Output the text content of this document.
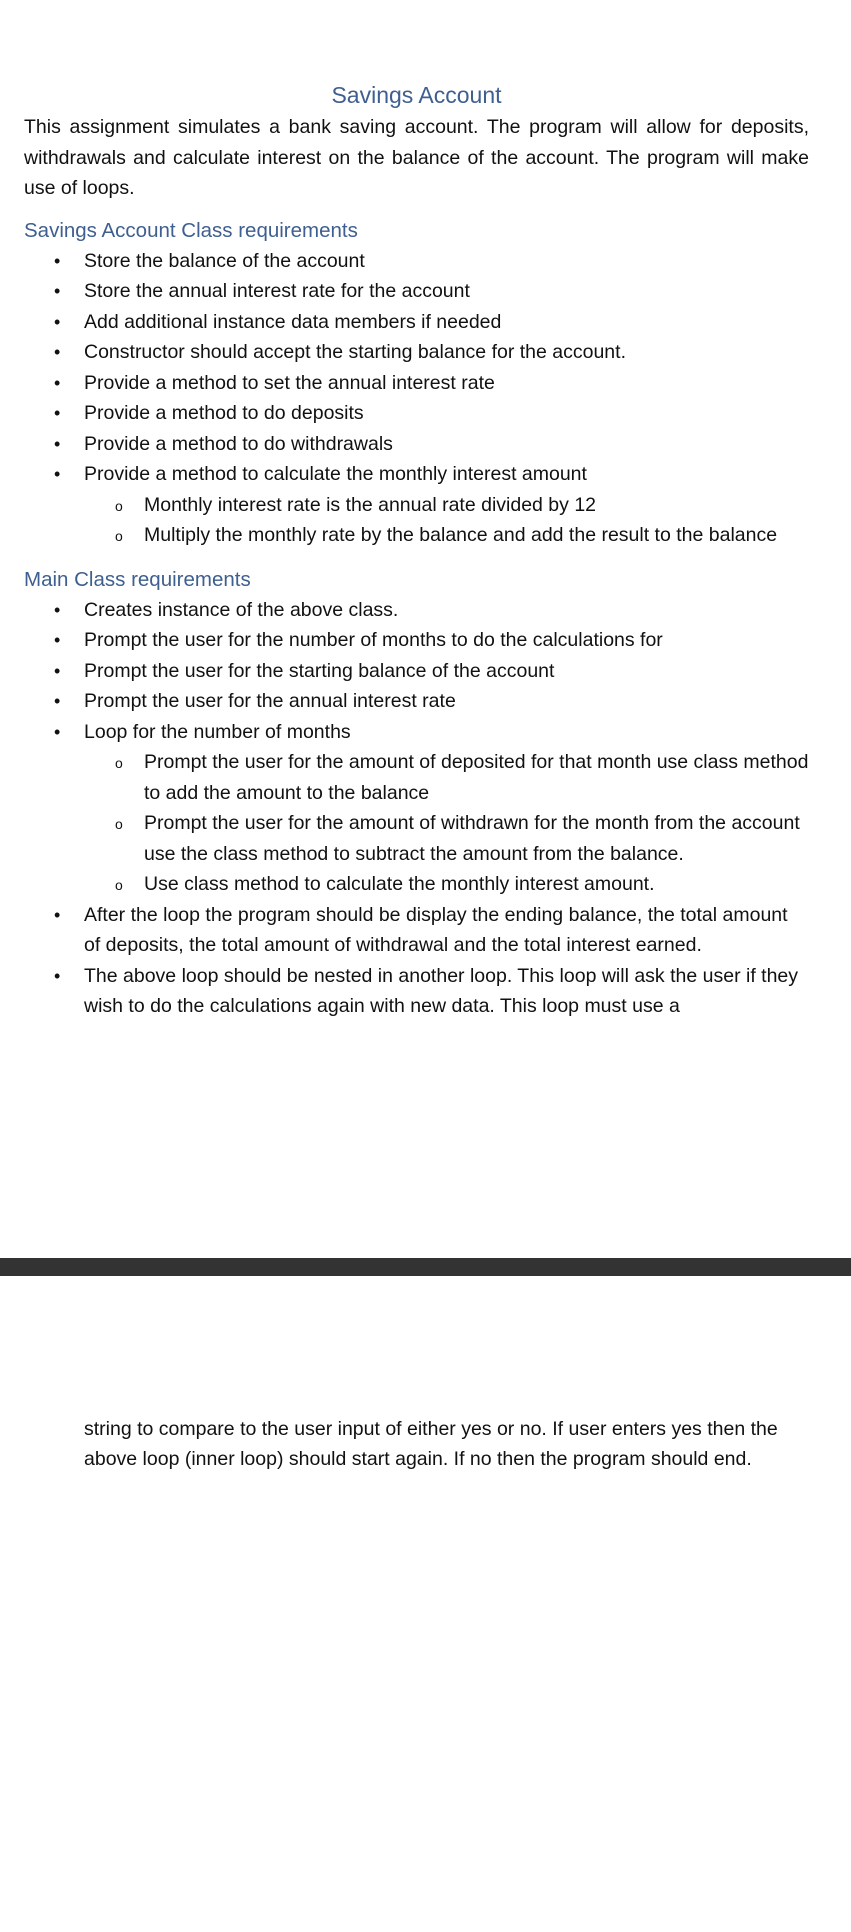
Savings Account

This assignment simulates a bank saving account. The program will allow for deposits, withdrawals and calculate interest on the balance of the account. The program will make use of loops.

Savings Account Class requirements
• Store the balance of the account
• Store the annual interest rate for the account
• Add additional instance data members if needed
• Constructor should accept the starting balance for the account.
• Provide a method to set the annual interest rate
• Provide a method to do deposits
• Provide a method to do withdrawals
• Provide a method to calculate the monthly interest amount
o Monthly interest rate is the annual rate divided by 12
o Multiply the monthly rate by the balance and add the result to the balance
Main Class requirements
• Creates instance of the above class.
• Prompt the user for the number of months to do the calculations for
• Prompt the user for the starting balance of the account
• Prompt the user for the annual interest rate
• Loop for the number of months
o Prompt the user for the amount of deposited for that month use class method to add the amount to the balance
o Prompt the user for the amount of withdrawn for the month from the account use the class method to subtract the amount from the balance.
o Use class method to calculate the monthly interest amount.
• After the loop the program should be display the ending balance, the total amount of deposits, the total amount of withdrawal and the total interest earned.
• The above loop should be nested in another loop. This loop will ask the user if they wish to do the calculations again with new data. This loop must use a

string to compare to the user input of either yes or no. If user enters yes then the above loop (inner loop) should start again. If no then the program should end.
